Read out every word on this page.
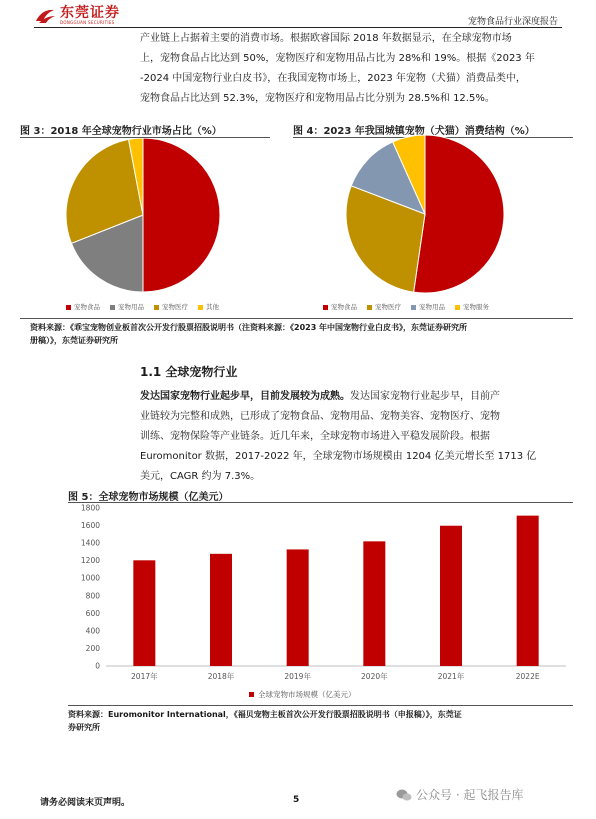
东莞证券
DONGGUAN SECURITIES	宠物食品行业深度报告
产业链上占据着主要的消费市场。根据欧睿国际 2018 年数据显示，在全球宠物市场
上，宠物食品占比达到 50%，宠物医疗和宠物用品占比为 28%和 19%。根据《2023 年
-2024 中国宠物行业白皮书》，在我国宠物市场上，2023 年宠物（犬猫）消费品类中，
宠物食品占比达到 52.3%，宠物医疗和宠物用品占比分别为 28.5%和 12.5%。
图 3：2018 年全球宠物行业市场占比（%）
宠物食品	宠物用品	宠物医疗	其他
图 4：2023 年我国城镇宠物（犬猫）消费结构（%）
宠物食品	宠物医疗	宠物用品	宠物服务
资料来源：《乖宝宠物创业板首次公开发行股票招股说明书（注资料来源：《2023 年中国宠物行业白皮书》，东莞证券研究所
册稿）》，东莞证券研究所
1.1 全球宠物行业
发达国家宠物行业起步早，目前发展较为成熟。发达国家宠物行业起步早，目前产
业链较为完整和成熟，已形成了宠物食品、宠物用品、宠物美容、宠物医疗、宠物
训练、宠物保险等产业链条。近几年来，全球宠物市场进入平稳发展阶段。根据
Euromonitor 数据，2017-2022 年，全球宠物市场规模由 1204 亿美元增长至 1713 亿
美元，CAGR 约为 7.3%。
图 5：全球宠物市场规模（亿美元）
0
200
400
600
800
1000
1200
1400
1600
1800
2017年	2018年	2019年	2020年	2021年	2022E
全球宠物市场规模（亿美元）
资料来源：Euromonitor International，《福贝宠物主板首次公开发行股票招股说明书（申报稿）》，东莞证
券研究所
请务必阅读末页声明。	5	公众号 · 起飞报告库
